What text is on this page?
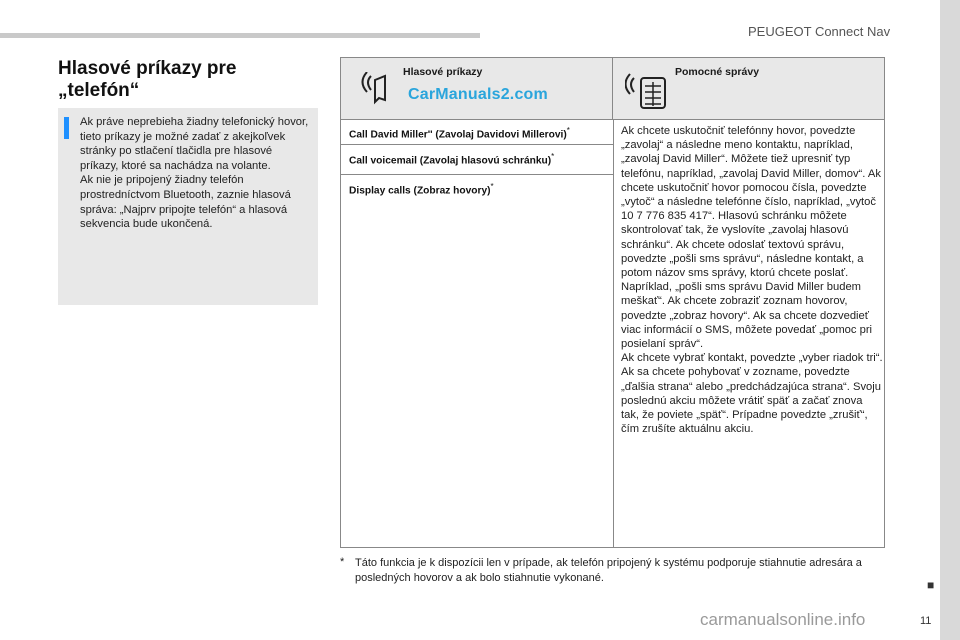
PEUGEOT Connect Nav
Hlasové príkazy pre „telefón“
Ak práve neprebieha žiadny telefonický hovor, tieto príkazy je možné zadať z akejkoľvek stránky po stlačení tlačidla pre hlasové príkazy, ktoré sa nachádza na volante.
Ak nie je pripojený žiadny telefón prostredníctvom Bluetooth, zaznie hlasová správa: „Najprv pripojte telefón“ a hlasová sekvencia bude ukončená.
Hlasové príkazy
CarManuals2.com
Pomocné správy
Call David Miller'' (Zavolaj Davidovi Millerovi)*
Call voicemail (Zavolaj hlasovú schránku)*
Display calls (Zobraz hovory)*
Ak chcete uskutočniť telefónny hovor, povedzte „zavolaj“ a následne meno kontaktu, napríklad, „zavolaj David Miller“. Môžete tiež upresniť typ telefónu, napríklad, „zavolaj David Miller, domov“. Ak chcete uskutočniť hovor pomocou čísla, povedzte „vytoč“ a následne telefónne číslo, napríklad, „vytoč 10 7 776 835 417“. Hlasovú schránku môžete skontrolovať tak, že vyslovíte „zavolaj hlasovú schránku“. Ak chcete odoslať textovú správu, povedzte „pošli sms správu“, následne kontakt, a potom názov sms správy, ktorú chcete poslať. Napríklad, „pošli sms správu David Miller budem meškať“. Ak chcete zobraziť zoznam hovorov, povedzte „zobraz hovory“. Ak sa chcete dozvedieť viac informácií o SMS, môžete povedať „pomoc pri posielaní správ“.
Ak chcete vybrať kontakt, povedzte „vyber riadok tri“. Ak sa chcete pohybovať v zozname, povedzte „ďalšia strana“ alebo „predchádzajúca strana“. Svoju poslednú akciu môžete vrátiť späť a začať znova tak, že poviete „späť“. Prípadne povedzte „zrušiť“, čím zrušíte aktuálnu akciu.
* Táto funkcia je k dispozícii len v prípade, ak telefón pripojený k systému podporuje stiahnutie adresára a posledných hovorov a ak bolo stiahnutie vykonané.
carmanualsonline.info
■
11
